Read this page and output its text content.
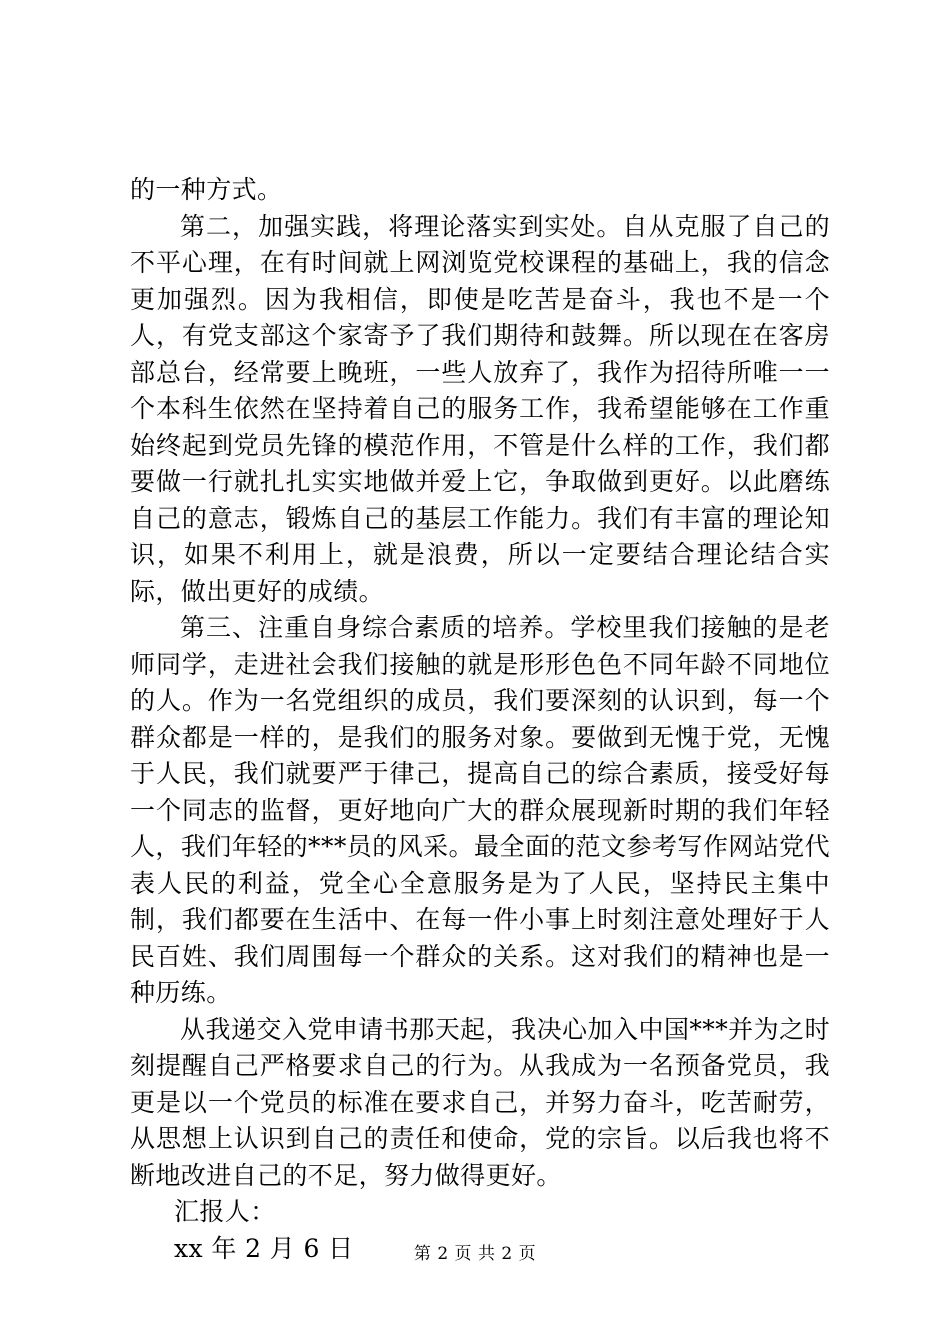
的一种方式。

第二，加强实践，将理论落实到实处。自从克服了自己的不平心理，在有时间就上网浏览党校课程的基础上，我的信念更加强烈。因为我相信，即使是吃苦是奋斗，我也不是一个人，有党支部这个家寄予了我们期待和鼓舞。所以现在在客房部总台，经常要上晚班，一些人放弃了，我作为招待所唯一一个本科生依然在坚持着自己的服务工作，我希望能够在工作重始终起到党员先锋的模范作用，不管是什么样的工作，我们都要做一行就扎扎实实地做并爱上它，争取做到更好。以此磨练自己的意志，锻炼自己的基层工作能力。我们有丰富的理论知识，如果不利用上，就是浪费，所以一定要结合理论结合实际，做出更好的成绩。

第三、注重自身综合素质的培养。学校里我们接触的是老师同学，走进社会我们接触的就是形形色色不同年龄不同地位的人。作为一名党组织的成员，我们要深刻的认识到，每一个群众都是一样的，是我们的服务对象。要做到无愧于党，无愧于人民，我们就要严于律己，提高自己的综合素质，接受好每一个同志的监督，更好地向广大的群众展现新时期的我们年轻人，我们年轻的***员的风采。最全面的范文参考写作网站党代表人民的利益，党全心全意服务是为了人民，坚持民主集中制，我们都要在生活中、在每一件小事上时刻注意处理好于人民百姓、我们周围每一个群众的关系。这对我们的精神也是一种历练。

从我递交入党申请书那天起，我决心加入中国***并为之时刻提醒自己严格要求自己的行为。从我成为一名预备党员，我更是以一个党员的标准在要求自己，并努力奋斗，吃苦耐劳，从思想上认识到自己的责任和使命，党的宗旨。以后我也将不断地改进自己的不足，努力做得更好。

汇报人：

xx 年 2 月 6 日	第 2 页 共 2 页
